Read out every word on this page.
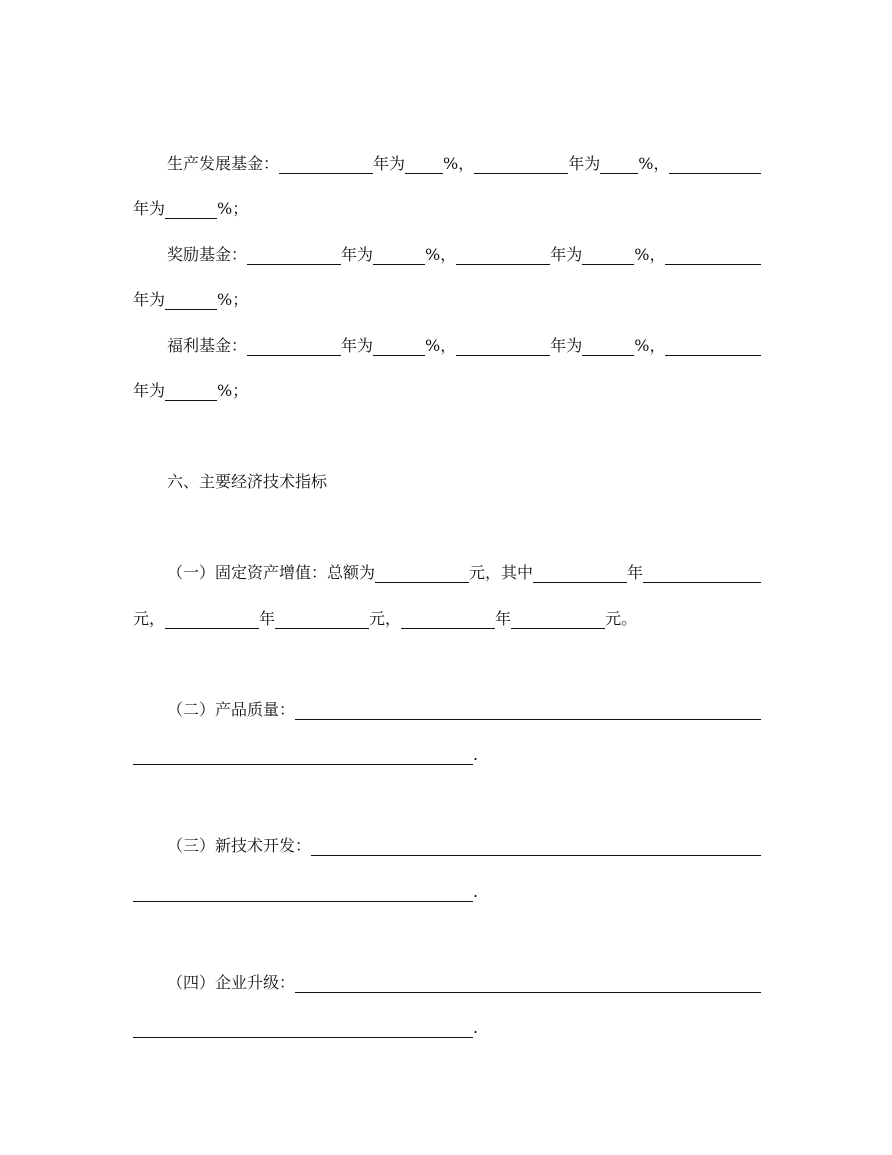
生产发展基金：	年为 %，	年为 %，
年为	%；
奖励基金：	年为	%，	年为	%，
年为	%；
福利基金：	年为	%，	年为	%，
年为	%；
六、主要经济技术指标
（一）固定资产增值：总额为	元，其中	年
元，	年	元，	年	元。
（二）产品质量：
.
（三）新技术开发：
.
（四）企业升级：
.
